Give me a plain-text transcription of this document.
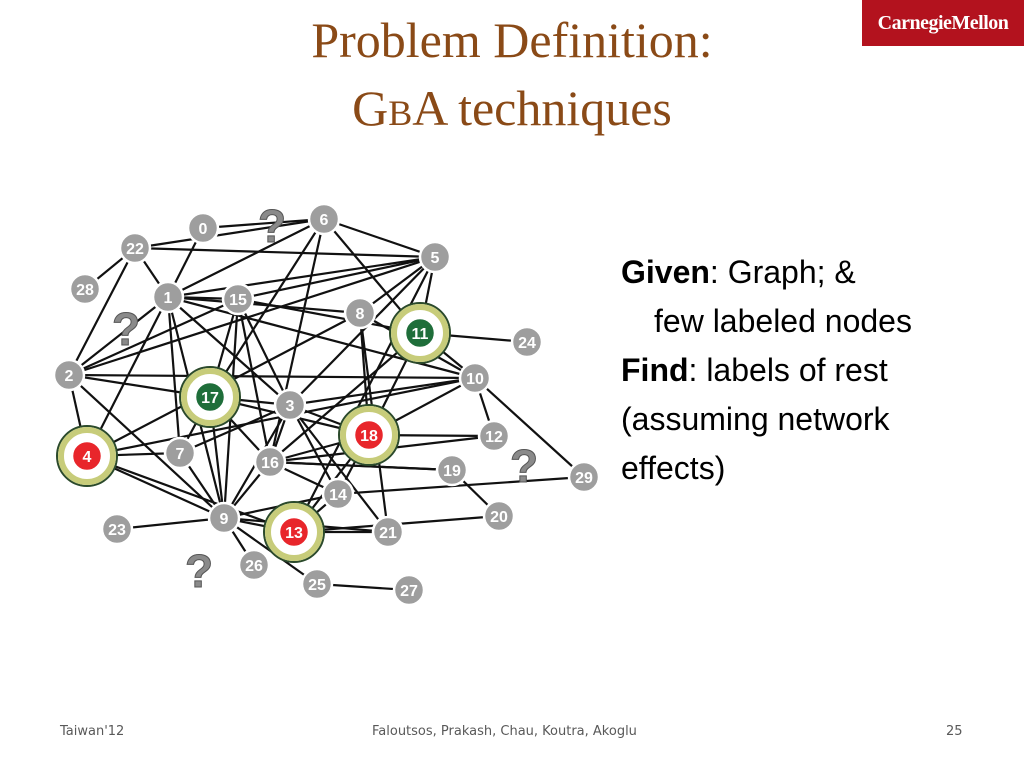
CarnegieMellon
Problem Definition:
GBA techniques
0
1
2
3
4
5
6
7
8
9
10
11
12
13
14
15
16
17
18
19
20
21
22
23
24
25
26
27
28
29
?
?
?
?
Given: Graph; &
few labeled nodes
Find: labels of rest
(assuming network
effects)
Taiwan'12	Faloutsos, Prakash, Chau, Koutra, Akoglu	25
